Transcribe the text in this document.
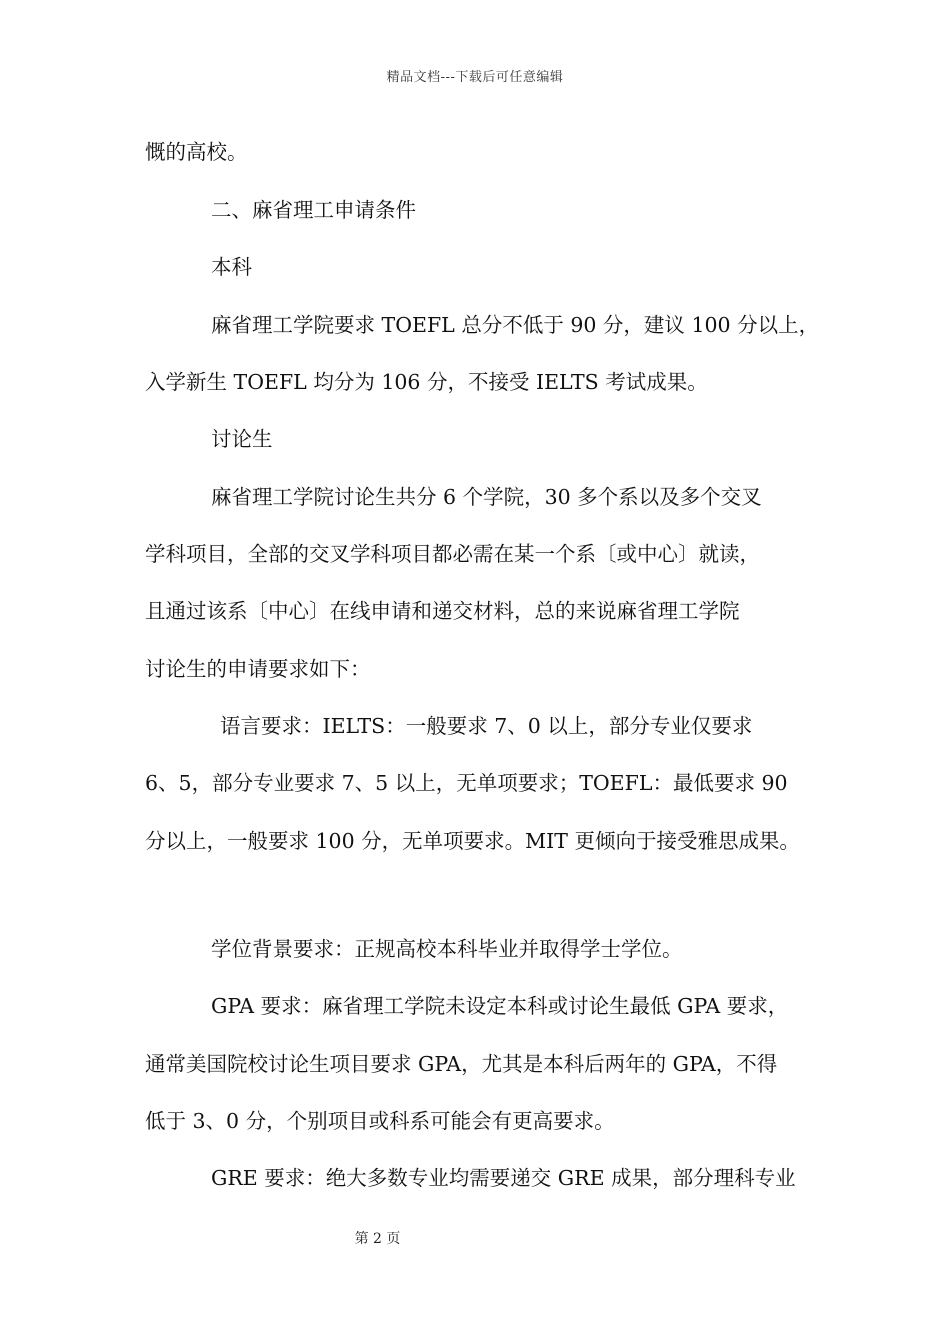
精品文档---下载后可任意编辑
慨的高校。
二、麻省理工申请条件
本科
麻省理工学院要求 TOEFL 总分不低于 90 分，建议 100 分以上，
入学新生 TOEFL 均分为 106 分，不接受 IELTS 考试成果。
讨论生
麻省理工学院讨论生共分 6 个学院，30 多个系以及多个交叉
学科项目，全部的交叉学科项目都必需在某一个系〔或中心〕就读，
且通过该系〔中心〕在线申请和递交材料，总的来说麻省理工学院
讨论生的申请要求如下：
语言要求：IELTS：一般要求 7、0 以上，部分专业仅要求
6、5，部分专业要求 7、5 以上，无单项要求；TOEFL：最低要求 90
分以上，一般要求 100 分，无单项要求。MIT 更倾向于接受雅思成果。
学位背景要求：正规高校本科毕业并取得学士学位。
GPA 要求：麻省理工学院未设定本科或讨论生最低 GPA 要求，
通常美国院校讨论生项目要求 GPA，尤其是本科后两年的 GPA，不得
低于 3、0 分，个别项目或科系可能会有更高要求。
GRE 要求：绝大多数专业均需要递交 GRE 成果，部分理科专业
第 2 页
